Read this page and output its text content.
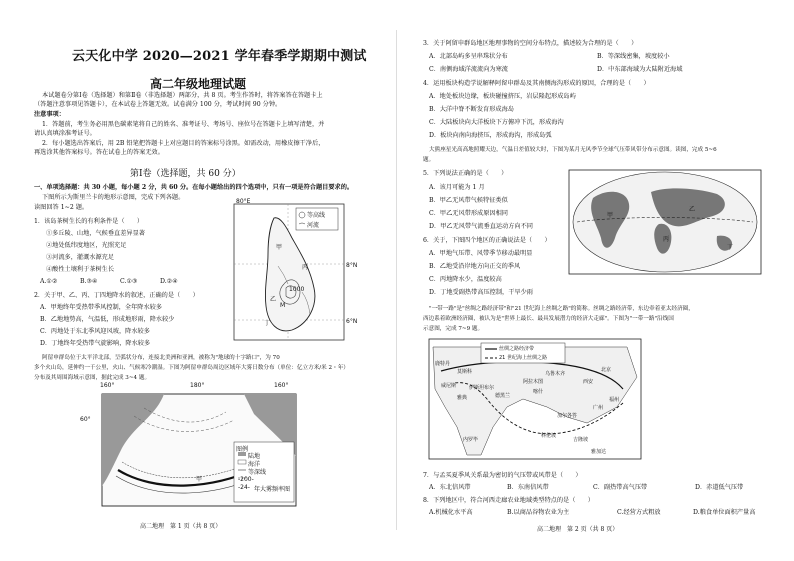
云天化中学 2020—2021 学年春季学期期中测试
高二年级地理试题
本试题卷分第Ⅰ卷（选择题）和第Ⅱ卷（非选择题）两部分，共 8 页。考生作答时，将答案答在答题卡上
（答题注意事项见答题卡），在本试卷上答题无效。试卷满分 100 分，考试时间 90 分钟。
注意事项：
1．答题前，考生务必用黑色碳素笔将自己的姓名、准考证号、考场号、座位号在答题卡上填写清楚，并
请认真填涂准考证号。
2．每小题选出答案后，用 2B 铅笔把答题卡上对应题目的答案标号涂黑。如需改动，用橡皮擦干净后，
再选涂其他答案标号。答在试卷上的答案无效。
第Ⅰ卷（选择题，共 60 分）
一、单项选择题：共 30 小题，每小题 2 分，共 60 分。在每小题给出的四个选项中，只有一项是符合题目要求的。
下图所示为斯里兰卡的地形示意图，完成下列各题。
读图回答 1~2 题。
1．该岛茶树生长的有利条件是（　　）
①多丘陵、山地，气候垂直差异显著
②地处低纬度地区，光照充足
③河流多，灌溉水源充足
④酸性土壤利于茶树生长
A.①②	B.③④	C.①③	D.②④
2．关于甲、乙、丙、丁四地降水的叙述，正确的是（　　）
A．甲地终年受热带季风控制，全年降水较多
B．乙地地势高，气温低，形成地形雨，降水较少
C．丙地处于东北季风迎风坡，降水较多
D．丁地终年受热带气旋影响，降水较多
阿留申群岛位于太平洋北部，呈弧状分布，连接北美洲和亚洲，被称为"地球的十字路口"，为 70
多个火山岛，延伸约一千公里，火山、气候寒冷潮湿。下图为阿留申群岛周边区域年大雾日数分布（单位：亿立方米/米 2・年）
分布及其周围海域示意图，据此完成 3~4 题。
80°E
等高线
河流
8°N
6°N
1000
甲
乙
丙
丁
M
160°	180°	160°
60°
图例
陆地
海洋
等深线
-200-
-24- 年大雾频率图
甲
高二地理　第 1 页（共 8 页）
3．关于阿留申群岛地区地理事物的空间分布特点，描述较为合理的是（　　）
A．北部岛屿多呈串珠状分布	B．等深线密集，坡度较小
C．南侧海域洋流流向为寒流	D．中东部海域为大陆附近海域
4．运用板块构造学说解释阿留申群岛及其南侧海沟形成的原因，合理的是（　　）
A．地处板块边缘，板块碰撞挤压，岩层隆起形成岛屿
B．大洋中脊不断发育形成海岛
C．大陆板块向大洋板块下方俯冲下沉，形成海沟
D．板块向南向海挤压，形成海沟，形成岛弧
大熊座星光高高地照耀天边，气温日差值较大时，下图为某月无风季节全球气压带风带分布示意图。读图，完成 5~6
题。
5．下列说法正确的是（　　）
A．该月可能为 1 月
B．甲乙无风带气候特征类似
C．甲乙无风带形成原因相同
D．甲乙无风带气流垂直运动方向不同
6．关于，下图四个地区的正确说法是（　　）
A．甲地气压带、风带季节移动最明显
B．乙地受沿岸地方向正交的季风
C．丙地降水少，温度较高
D．丁地受副热带高压控制，干旱少雨
甲
乙
丙
丁
"一带一路"是"丝绸之路经济带"和"21 世纪海上丝绸之路"的简称。丝绸之路经济带，东边牵着亚太经济圈，
西边系着欧洲经济圈，被认为是"世界上最长、最具发展潜力的经济大走廊"。下图为"一带一路"沿线国
示意图，完成 7~9 题。
丝绸之路经济带
21 世纪海上丝绸之路
莫斯科
鹿特丹
威尼斯
德黑兰
乌鲁木齐
西安
广州
福州
雅加达
科伦坡
加尔各答
内罗毕
雅典
阿拉木图
伊斯坦布尔
喀什
北京
吉隆坡
7．与孟买夏季风关系最为密切的气压带或风带是（　　）
A．东北信风带	B．东南信风带	C．副热带高气压带	D．赤道低气压带
8．下列地区中，符合河西走廊农业地域类型特点的是（　　）
A.机械化水平高	B.以商品谷物农业为主	C.经营方式粗放	D.粮食单位面积产量高
高二地理　第 2 页（共 8 页）
